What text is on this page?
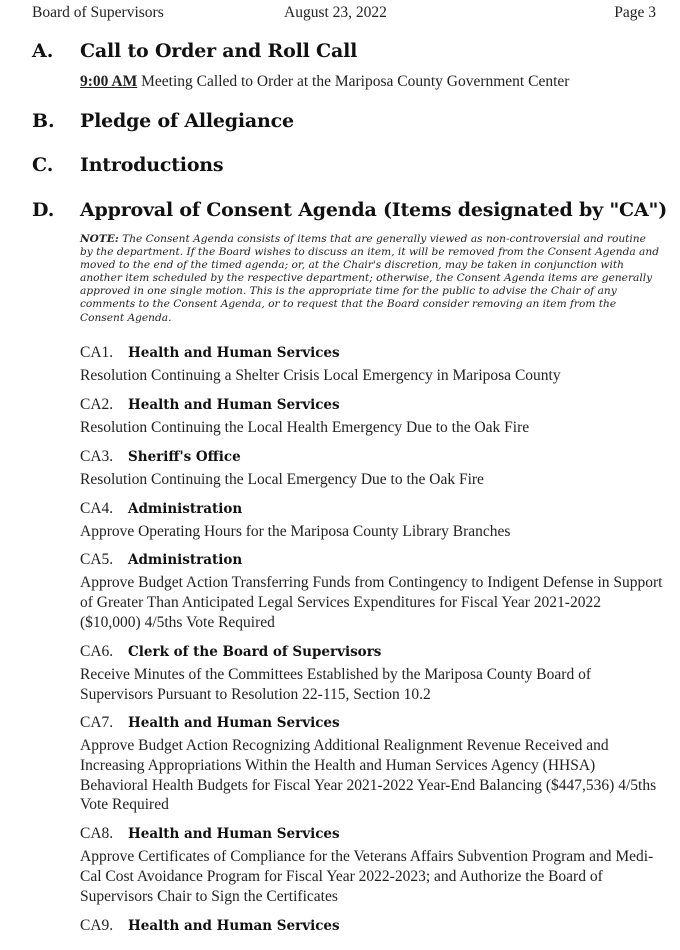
Board of Supervisors	August 23, 2022	Page 3
A.	Call to Order and Roll Call
9:00 AM Meeting Called to Order at the Mariposa County Government Center
B.	Pledge of Allegiance
C.	Introductions
D.	Approval of Consent Agenda (Items designated by "CA")
NOTE: The Consent Agenda consists of items that are generally viewed as non-controversial and routine by the department. If the Board wishes to discuss an item, it will be removed from the Consent Agenda and moved to the end of the timed agenda; or, at the Chair's discretion, may be taken in conjunction with another item scheduled by the respective department; otherwise, the Consent Agenda items are generally approved in one single motion. This is the appropriate time for the public to advise the Chair of any comments to the Consent Agenda, or to request that the Board consider removing an item from the Consent Agenda.
CA1. Health and Human Services
Resolution Continuing a Shelter Crisis Local Emergency in Mariposa County
CA2. Health and Human Services
Resolution Continuing the Local Health Emergency Due to the Oak Fire
CA3. Sheriff's Office
Resolution Continuing the Local Emergency Due to the Oak Fire
CA4. Administration
Approve Operating Hours for the Mariposa County Library Branches
CA5. Administration
Approve Budget Action Transferring Funds from Contingency to Indigent Defense in Support of Greater Than Anticipated Legal Services Expenditures for Fiscal Year 2021-2022 ($10,000) 4/5ths Vote Required
CA6. Clerk of the Board of Supervisors
Receive Minutes of the Committees Established by the Mariposa County Board of Supervisors Pursuant to Resolution 22-115, Section 10.2
CA7. Health and Human Services
Approve Budget Action Recognizing Additional Realignment Revenue Received and Increasing Appropriations Within the Health and Human Services Agency (HHSA) Behavioral Health Budgets for Fiscal Year 2021-2022 Year-End Balancing ($447,536) 4/5ths Vote Required
CA8. Health and Human Services
Approve Certificates of Compliance for the Veterans Affairs Subvention Program and Medi-Cal Cost Avoidance Program for Fiscal Year 2022-2023; and Authorize the Board of Supervisors Chair to Sign the Certificates
CA9. Health and Human Services
